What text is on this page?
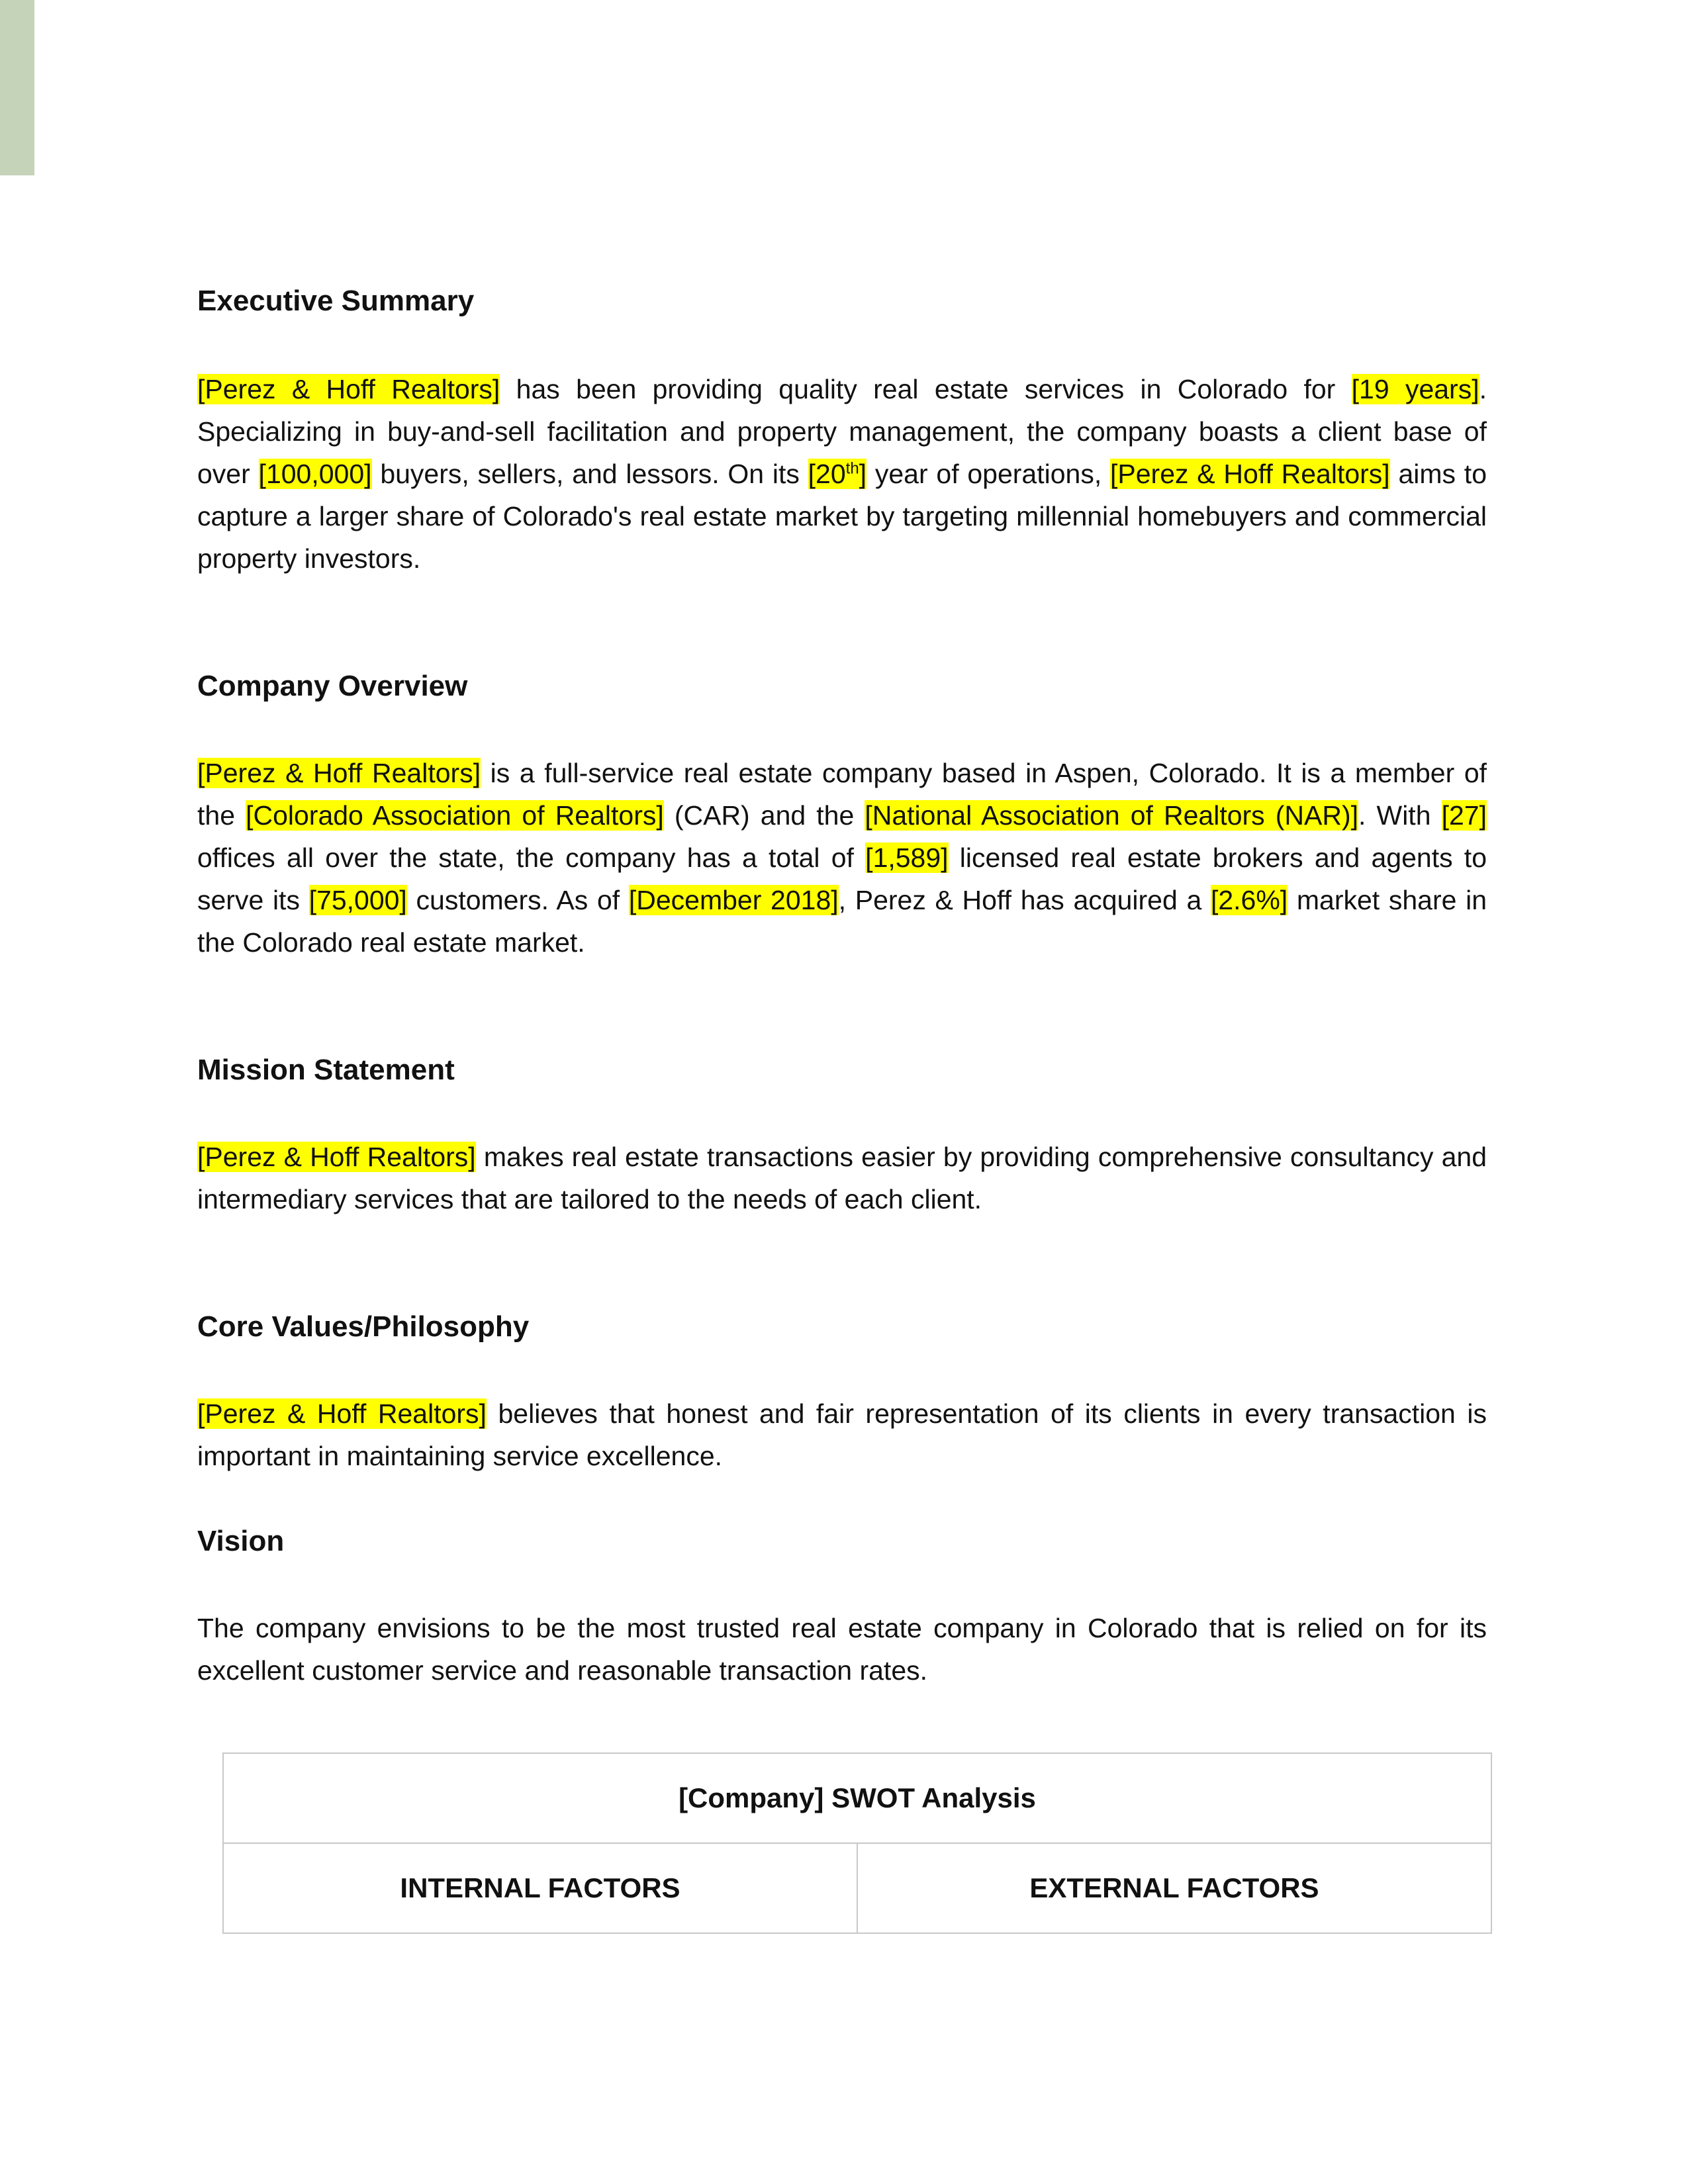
Executive Summary

[Perez & Hoff Realtors] has been providing quality real estate services in Colorado for [19 years]. Specializing in buy-and-sell facilitation and property management, the company boasts a client base of over [100,000] buyers, sellers, and lessors. On its [20th] year of operations, [Perez & Hoff Realtors] aims to capture a larger share of Colorado's real estate market by targeting millennial homebuyers and commercial property investors.

Company Overview

[Perez & Hoff Realtors] is a full-service real estate company based in Aspen, Colorado. It is a member of the [Colorado Association of Realtors] (CAR) and the [National Association of Realtors (NAR)]. With [27] offices all over the state, the company has a total of [1,589] licensed real estate brokers and agents to serve its [75,000] customers. As of [December 2018], Perez & Hoff has acquired a [2.6%] market share in the Colorado real estate market.

Mission Statement

[Perez & Hoff Realtors] makes real estate transactions easier by providing comprehensive consultancy and intermediary services that are tailored to the needs of each client.

Core Values/Philosophy

[Perez & Hoff Realtors] believes that honest and fair representation of its clients in every transaction is important in maintaining service excellence.

Vision

The company envisions to be the most trusted real estate company in Colorado that is relied on for its excellent customer service and reasonable transaction rates.

[Company] SWOT Analysis
INTERNAL FACTORS	EXTERNAL FACTORS
